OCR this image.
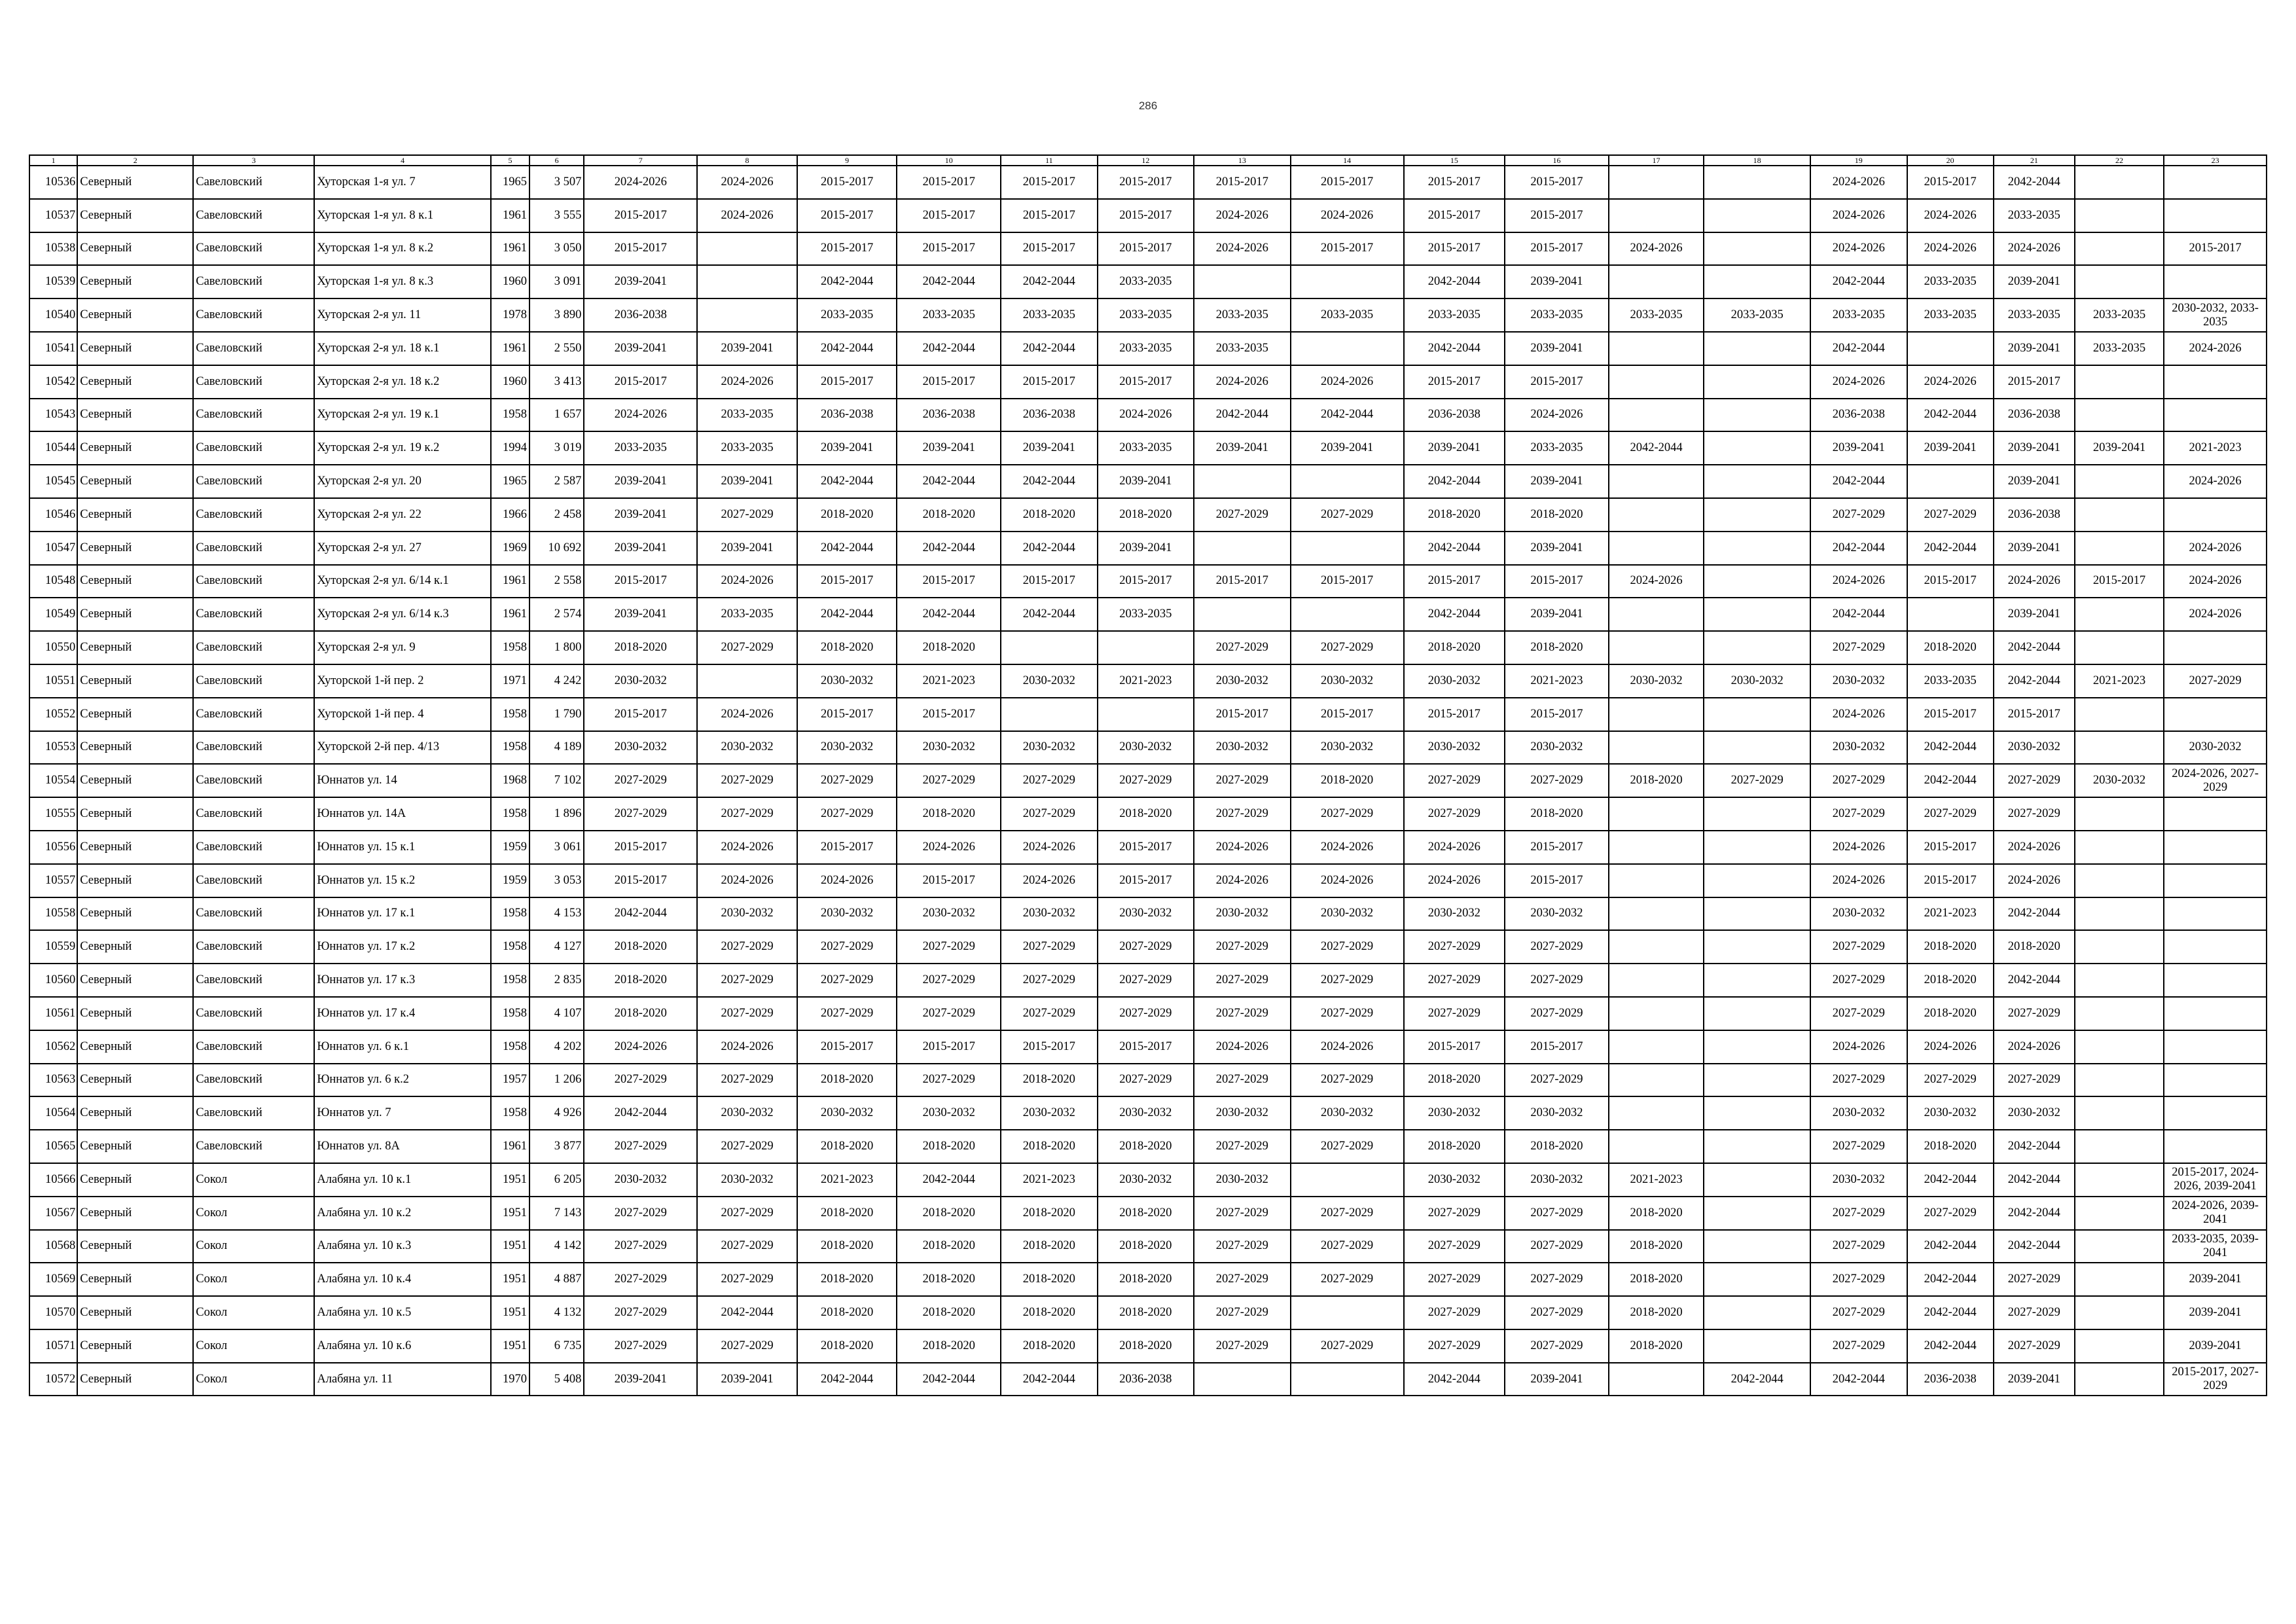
286
1	2	3	4	5	6	7	8	9	10	11	12	13	14	15	16	17	18	19	20	21	22	23
10536	Северный	Савеловский	Хуторская 1-я ул. 7	1965	3 507	2024-2026	2024-2026	2015-2017	2015-2017	2015-2017	2015-2017	2015-2017	2015-2017	2015-2017	2015-2017			2024-2026	2015-2017	2042-2044		
10537	Северный	Савеловский	Хуторская 1-я ул. 8 к.1	1961	3 555	2015-2017	2024-2026	2015-2017	2015-2017	2015-2017	2015-2017	2024-2026	2024-2026	2015-2017	2015-2017			2024-2026	2024-2026	2033-2035		
10538	Северный	Савеловский	Хуторская 1-я ул. 8 к.2	1961	3 050	2015-2017		2015-2017	2015-2017	2015-2017	2015-2017	2024-2026	2015-2017	2015-2017	2015-2017	2024-2026		2024-2026	2024-2026	2024-2026		2015-2017
10539	Северный	Савеловский	Хуторская 1-я ул. 8 к.3	1960	3 091	2039-2041		2042-2044	2042-2044	2042-2044	2033-2035			2042-2044	2039-2041			2042-2044	2033-2035	2039-2041		
10540	Северный	Савеловский	Хуторская 2-я ул. 11	1978	3 890	2036-2038		2033-2035	2033-2035	2033-2035	2033-2035	2033-2035	2033-2035	2033-2035	2033-2035	2033-2035	2033-2035	2033-2035	2033-2035	2033-2035	2033-2035	2030-2032, 2033-2035
10541	Северный	Савеловский	Хуторская 2-я ул. 18 к.1	1961	2 550	2039-2041	2039-2041	2042-2044	2042-2044	2042-2044	2033-2035	2033-2035		2042-2044	2039-2041			2042-2044		2039-2041	2033-2035	2024-2026
10542	Северный	Савеловский	Хуторская 2-я ул. 18 к.2	1960	3 413	2015-2017	2024-2026	2015-2017	2015-2017	2015-2017	2015-2017	2024-2026	2024-2026	2015-2017	2015-2017			2024-2026	2024-2026	2015-2017		
10543	Северный	Савеловский	Хуторская 2-я ул. 19 к.1	1958	1 657	2024-2026	2033-2035	2036-2038	2036-2038	2036-2038	2024-2026	2042-2044	2042-2044	2036-2038	2024-2026			2036-2038	2042-2044	2036-2038		
10544	Северный	Савеловский	Хуторская 2-я ул. 19 к.2	1994	3 019	2033-2035	2033-2035	2039-2041	2039-2041	2039-2041	2033-2035	2039-2041	2039-2041	2039-2041	2033-2035	2042-2044		2039-2041	2039-2041	2039-2041	2039-2041	2021-2023
10545	Северный	Савеловский	Хуторская 2-я ул. 20	1965	2 587	2039-2041	2039-2041	2042-2044	2042-2044	2042-2044	2039-2041			2042-2044	2039-2041			2042-2044		2039-2041		2024-2026
10546	Северный	Савеловский	Хуторская 2-я ул. 22	1966	2 458	2039-2041	2027-2029	2018-2020	2018-2020	2018-2020	2018-2020	2027-2029	2027-2029	2018-2020	2018-2020			2027-2029	2027-2029	2036-2038		
10547	Северный	Савеловский	Хуторская 2-я ул. 27	1969	10 692	2039-2041	2039-2041	2042-2044	2042-2044	2042-2044	2039-2041			2042-2044	2039-2041			2042-2044	2042-2044	2039-2041		2024-2026
10548	Северный	Савеловский	Хуторская 2-я ул. 6/14 к.1	1961	2 558	2015-2017	2024-2026	2015-2017	2015-2017	2015-2017	2015-2017	2015-2017	2015-2017	2015-2017	2015-2017	2024-2026		2024-2026	2015-2017	2024-2026	2015-2017	2024-2026
10549	Северный	Савеловский	Хуторская 2-я ул. 6/14 к.3	1961	2 574	2039-2041	2033-2035	2042-2044	2042-2044	2042-2044	2033-2035			2042-2044	2039-2041			2042-2044		2039-2041		2024-2026
10550	Северный	Савеловский	Хуторская 2-я ул. 9	1958	1 800	2018-2020	2027-2029	2018-2020	2018-2020			2027-2029	2027-2029	2018-2020	2018-2020			2027-2029	2018-2020	2042-2044		
10551	Северный	Савеловский	Хуторской 1-й пер. 2	1971	4 242	2030-2032		2030-2032	2021-2023	2030-2032	2021-2023	2030-2032	2030-2032	2030-2032	2021-2023	2030-2032	2030-2032	2030-2032	2033-2035	2042-2044	2021-2023	2027-2029
10552	Северный	Савеловский	Хуторской 1-й пер. 4	1958	1 790	2015-2017	2024-2026	2015-2017	2015-2017			2015-2017	2015-2017	2015-2017	2015-2017			2024-2026	2015-2017	2015-2017		
10553	Северный	Савеловский	Хуторской 2-й пер. 4/13	1958	4 189	2030-2032	2030-2032	2030-2032	2030-2032	2030-2032	2030-2032	2030-2032	2030-2032	2030-2032	2030-2032			2030-2032	2042-2044	2030-2032		2030-2032
10554	Северный	Савеловский	Юннатов ул. 14	1968	7 102	2027-2029	2027-2029	2027-2029	2027-2029	2027-2029	2027-2029	2027-2029	2018-2020	2027-2029	2027-2029	2018-2020	2027-2029	2027-2029	2042-2044	2027-2029	2030-2032	2024-2026, 2027-2029
10555	Северный	Савеловский	Юннатов ул. 14А	1958	1 896	2027-2029	2027-2029	2027-2029	2018-2020	2027-2029	2018-2020	2027-2029	2027-2029	2027-2029	2018-2020			2027-2029	2027-2029	2027-2029		
10556	Северный	Савеловский	Юннатов ул. 15 к.1	1959	3 061	2015-2017	2024-2026	2015-2017	2024-2026	2024-2026	2015-2017	2024-2026	2024-2026	2024-2026	2015-2017			2024-2026	2015-2017	2024-2026		
10557	Северный	Савеловский	Юннатов ул. 15 к.2	1959	3 053	2015-2017	2024-2026	2024-2026	2015-2017	2024-2026	2015-2017	2024-2026	2024-2026	2024-2026	2015-2017			2024-2026	2015-2017	2024-2026		
10558	Северный	Савеловский	Юннатов ул. 17 к.1	1958	4 153	2042-2044	2030-2032	2030-2032	2030-2032	2030-2032	2030-2032	2030-2032	2030-2032	2030-2032	2030-2032			2030-2032	2021-2023	2042-2044		
10559	Северный	Савеловский	Юннатов ул. 17 к.2	1958	4 127	2018-2020	2027-2029	2027-2029	2027-2029	2027-2029	2027-2029	2027-2029	2027-2029	2027-2029	2027-2029			2027-2029	2018-2020	2018-2020		
10560	Северный	Савеловский	Юннатов ул. 17 к.3	1958	2 835	2018-2020	2027-2029	2027-2029	2027-2029	2027-2029	2027-2029	2027-2029	2027-2029	2027-2029	2027-2029			2027-2029	2018-2020	2042-2044		
10561	Северный	Савеловский	Юннатов ул. 17 к.4	1958	4 107	2018-2020	2027-2029	2027-2029	2027-2029	2027-2029	2027-2029	2027-2029	2027-2029	2027-2029	2027-2029			2027-2029	2018-2020	2027-2029		
10562	Северный	Савеловский	Юннатов ул. 6 к.1	1958	4 202	2024-2026	2024-2026	2015-2017	2015-2017	2015-2017	2015-2017	2024-2026	2024-2026	2015-2017	2015-2017			2024-2026	2024-2026	2024-2026		
10563	Северный	Савеловский	Юннатов ул. 6 к.2	1957	1 206	2027-2029	2027-2029	2018-2020	2027-2029	2018-2020	2027-2029	2027-2029	2027-2029	2018-2020	2027-2029			2027-2029	2027-2029	2027-2029		
10564	Северный	Савеловский	Юннатов ул. 7	1958	4 926	2042-2044	2030-2032	2030-2032	2030-2032	2030-2032	2030-2032	2030-2032	2030-2032	2030-2032	2030-2032			2030-2032	2030-2032	2030-2032		
10565	Северный	Савеловский	Юннатов ул. 8А	1961	3 877	2027-2029	2027-2029	2018-2020	2018-2020	2018-2020	2018-2020	2027-2029	2027-2029	2018-2020	2018-2020			2027-2029	2018-2020	2042-2044		
10566	Северный	Сокол	Алабяна ул. 10 к.1	1951	6 205	2030-2032	2030-2032	2021-2023	2042-2044	2021-2023	2030-2032	2030-2032		2030-2032	2030-2032	2021-2023		2030-2032	2042-2044	2042-2044		2015-2017, 2024-2026, 2039-2041
10567	Северный	Сокол	Алабяна ул. 10 к.2	1951	7 143	2027-2029	2027-2029	2018-2020	2018-2020	2018-2020	2018-2020	2027-2029	2027-2029	2027-2029	2027-2029	2018-2020		2027-2029	2027-2029	2042-2044		2024-2026, 2039-2041
10568	Северный	Сокол	Алабяна ул. 10 к.3	1951	4 142	2027-2029	2027-2029	2018-2020	2018-2020	2018-2020	2018-2020	2027-2029	2027-2029	2027-2029	2027-2029	2018-2020		2027-2029	2042-2044	2042-2044		2033-2035, 2039-2041
10569	Северный	Сокол	Алабяна ул. 10 к.4	1951	4 887	2027-2029	2027-2029	2018-2020	2018-2020	2018-2020	2018-2020	2027-2029	2027-2029	2027-2029	2027-2029	2018-2020		2027-2029	2042-2044	2027-2029		2039-2041
10570	Северный	Сокол	Алабяна ул. 10 к.5	1951	4 132	2027-2029	2042-2044	2018-2020	2018-2020	2018-2020	2018-2020	2027-2029		2027-2029	2027-2029	2018-2020		2027-2029	2042-2044	2027-2029		2039-2041
10571	Северный	Сокол	Алабяна ул. 10 к.6	1951	6 735	2027-2029	2027-2029	2018-2020	2018-2020	2018-2020	2018-2020	2027-2029	2027-2029	2027-2029	2027-2029	2018-2020		2027-2029	2042-2044	2027-2029		2039-2041
10572	Северный	Сокол	Алабяна ул. 11	1970	5 408	2039-2041	2039-2041	2042-2044	2042-2044	2042-2044	2036-2038			2042-2044	2039-2041		2042-2044	2042-2044	2036-2038	2039-2041		2015-2017, 2027-2029
